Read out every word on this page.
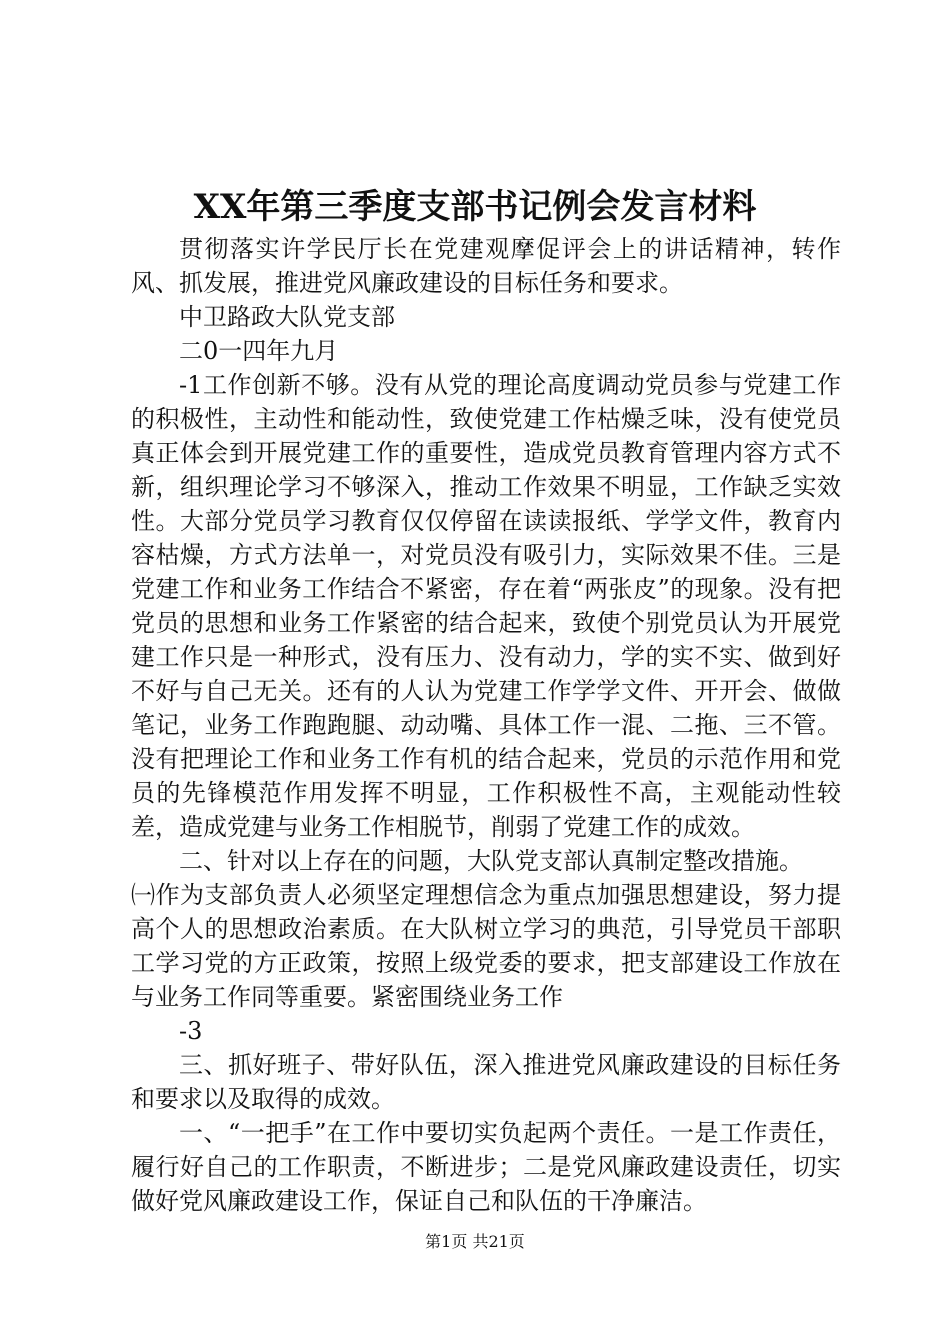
XX年第三季度支部书记例会发言材料

贯彻落实许学民厅长在党建观摩促评会上的讲话精神，转作风、抓发展，推进党风廉政建设的目标任务和要求。

中卫路政大队党支部

二0一四年九月

-1工作创新不够。没有从党的理论高度调动党员参与党建工作的积极性，主动性和能动性，致使党建工作枯燥乏味，没有使党员真正体会到开展党建工作的重要性，造成党员教育管理内容方式不新，组织理论学习不够深入，推动工作效果不明显，工作缺乏实效性。大部分党员学习教育仅仅停留在读读报纸、学学文件，教育内容枯燥，方式方法单一，对党员没有吸引力，实际效果不佳。三是党建工作和业务工作结合不紧密，存在着“两张皮”的现象。没有把党员的思想和业务工作紧密的结合起来，致使个别党员认为开展党建工作只是一种形式，没有压力、没有动力，学的实不实、做到好不好与自己无关。还有的人认为党建工作学学文件、开开会、做做笔记，业务工作跑跑腿、动动嘴、具体工作一混、二拖、三不管。没有把理论工作和业务工作有机的结合起来，党员的示范作用和党员的先锋模范作用发挥不明显，工作积极性不高，主观能动性较差，造成党建与业务工作相脱节，削弱了党建工作的成效。

二、针对以上存在的问题，大队党支部认真制定整改措施。

㈠作为支部负责人必须坚定理想信念为重点加强思想建设，努力提高个人的思想政治素质。在大队树立学习的典范，引导党员干部职工学习党的方正政策，按照上级党委的要求，把支部建设工作放在与业务工作同等重要。紧密围绕业务工作

-3

三、抓好班子、带好队伍，深入推进党风廉政建设的目标任务和要求以及取得的成效。

一、“一把手”在工作中要切实负起两个责任。一是工作责任，履行好自己的工作职责，不断进步；二是党风廉政建设责任，切实做好党风廉政建设工作，保证自己和队伍的干净廉洁。

第1页 共21页
